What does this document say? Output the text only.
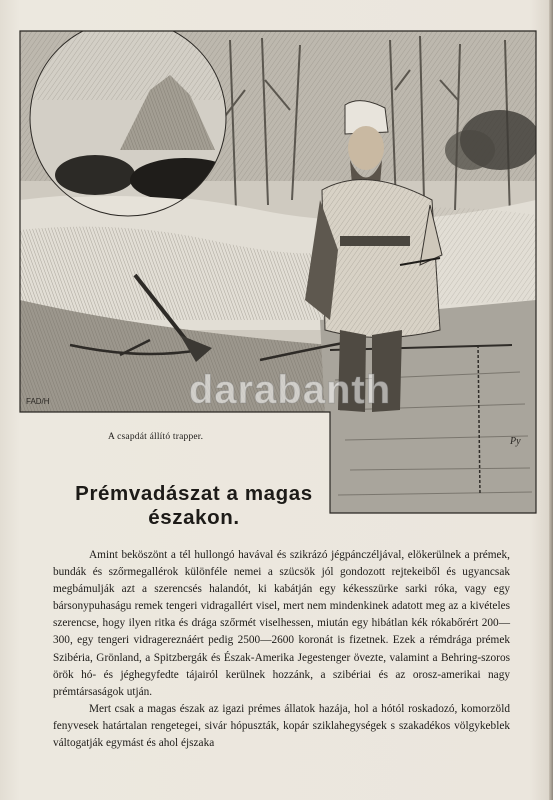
FAD/H
Py
A csapdát állító trapper.
darabanth
Prémvadászat a magas
északon.

Amint beköszönt a tél hullongó havával és szikrázó jégpánczéljával, elökerülnek a prémek, bundák és szőrmegallérok különféle nemei a szücsök jól gondozott rejtekeiből és ugyancsak megbámulják azt a szerencsés halandót, ki kabátján egy kékesszürke sarki róka, vagy egy bársonypuhaságu remek tengeri vidragallért visel, mert nem mindenkinek adatott meg az a kivételes szerencse, hogy ilyen ritka és drága szőrmét viselhessen, miután egy hibátlan kék rókabőrért 200—300, egy tengeri vidragereznáért pedig 2500—2600 koronát is fizetnek. Ezek a rémdrága prémek Szibéria, Grönland, a Spitzbergák és Észak-Amerika Jegestenger övezte, valamint a Behring-szoros örök hó- és jéghegyfedte tájairól kerülnek hozzánk, a szibériai és az orosz-amerikai nagy prémtársaságok utján.

Mert csak a magas észak az igazi prémes állatok hazája, hol a hótól roskadozó, komorzöld fenyvesek határtalan rengetegei, sivár hópuszták, kopár sziklahegységek s szakadékos völgykeblek váltogatják egymást és ahol éjszaka
